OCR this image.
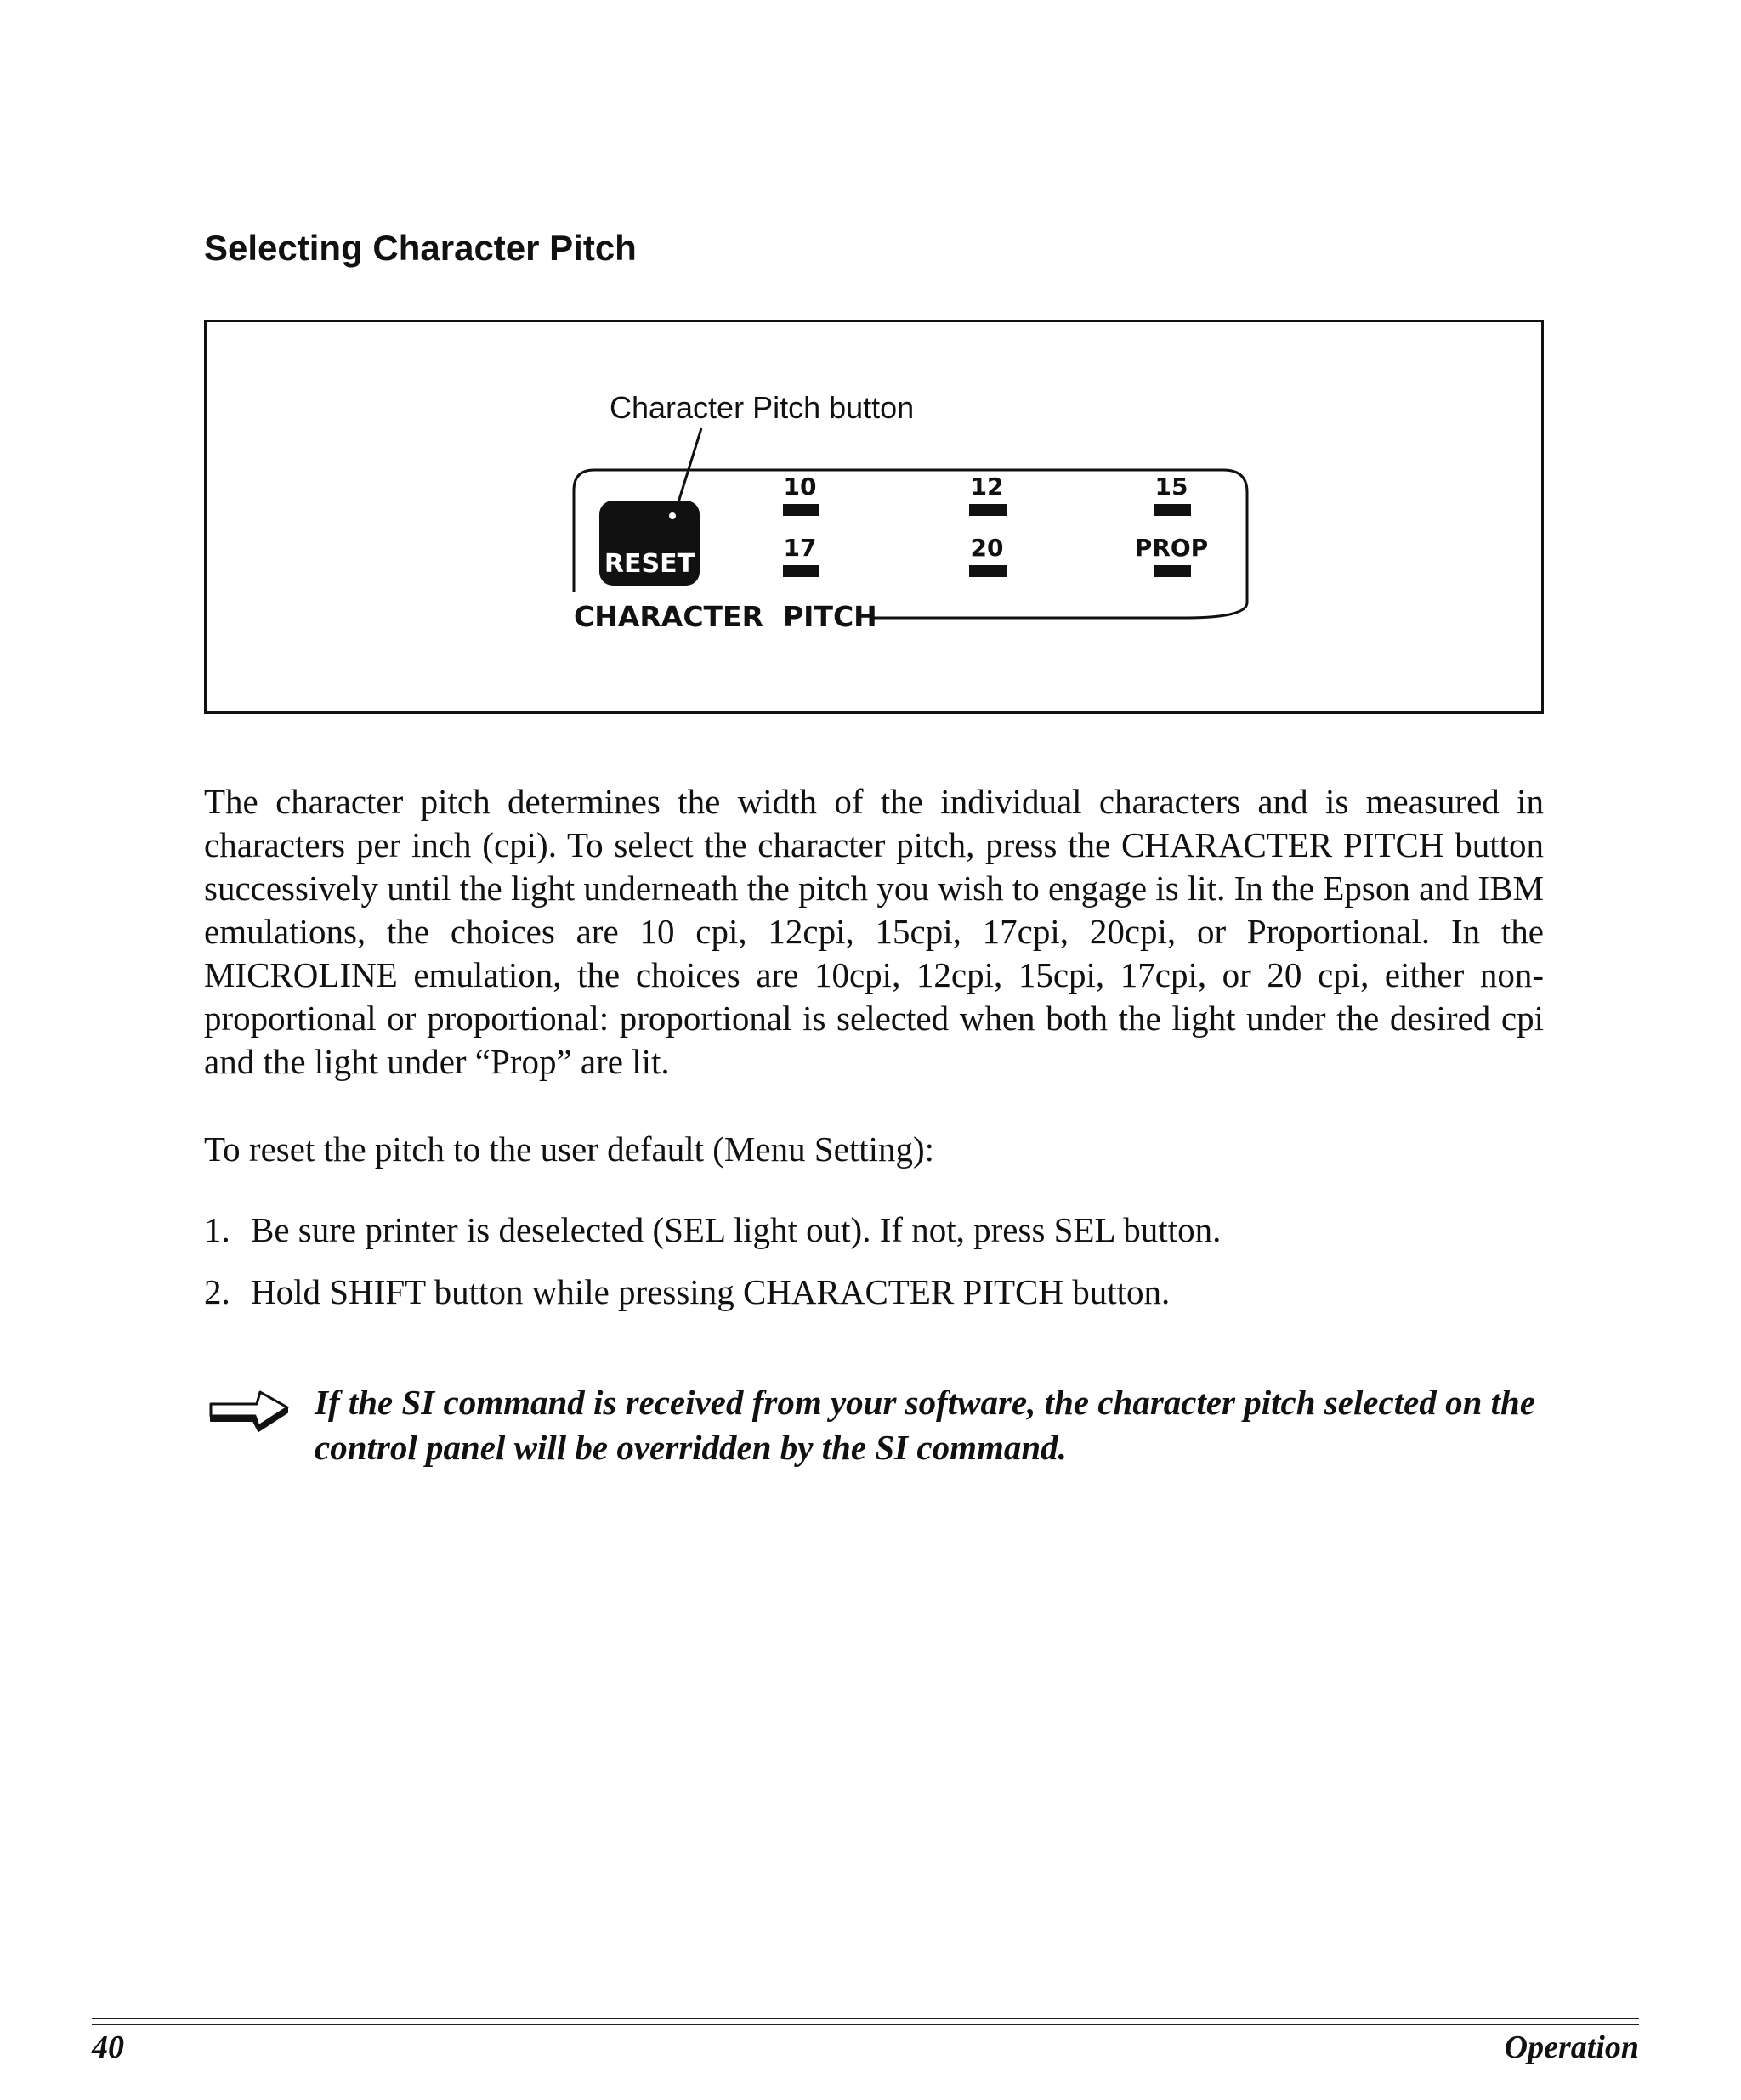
Selecting Character Pitch
Character Pitch button
RESET
10	12	15
17	20	PROP
CHARACTER  PITCH

The character pitch determines the width of the individual characters and is measured in characters per inch (cpi). To select the character pitch, press the CHARACTER PITCH button successively until the light underneath the pitch you wish to engage is lit. In the Epson and IBM emulations, the choices are 10 cpi, 12cpi, 15cpi, 17cpi, 20cpi, or Proportional. In the MICROLINE emulation, the choices are 10cpi, 12cpi, 15cpi, 17cpi, or 20 cpi, either non-proportional or proportional: proportional is selected when both the light under the desired cpi and the light under “Prop” are lit.

To reset the pitch to the user default (Menu Setting):

1. Be sure printer is deselected (SEL light out). If not, press SEL button.
2. Hold SHIFT button while pressing CHARACTER PITCH button.

If the SI command is received from your software, the character pitch selected on the control panel will be overridden by the SI command.

40	Operation
